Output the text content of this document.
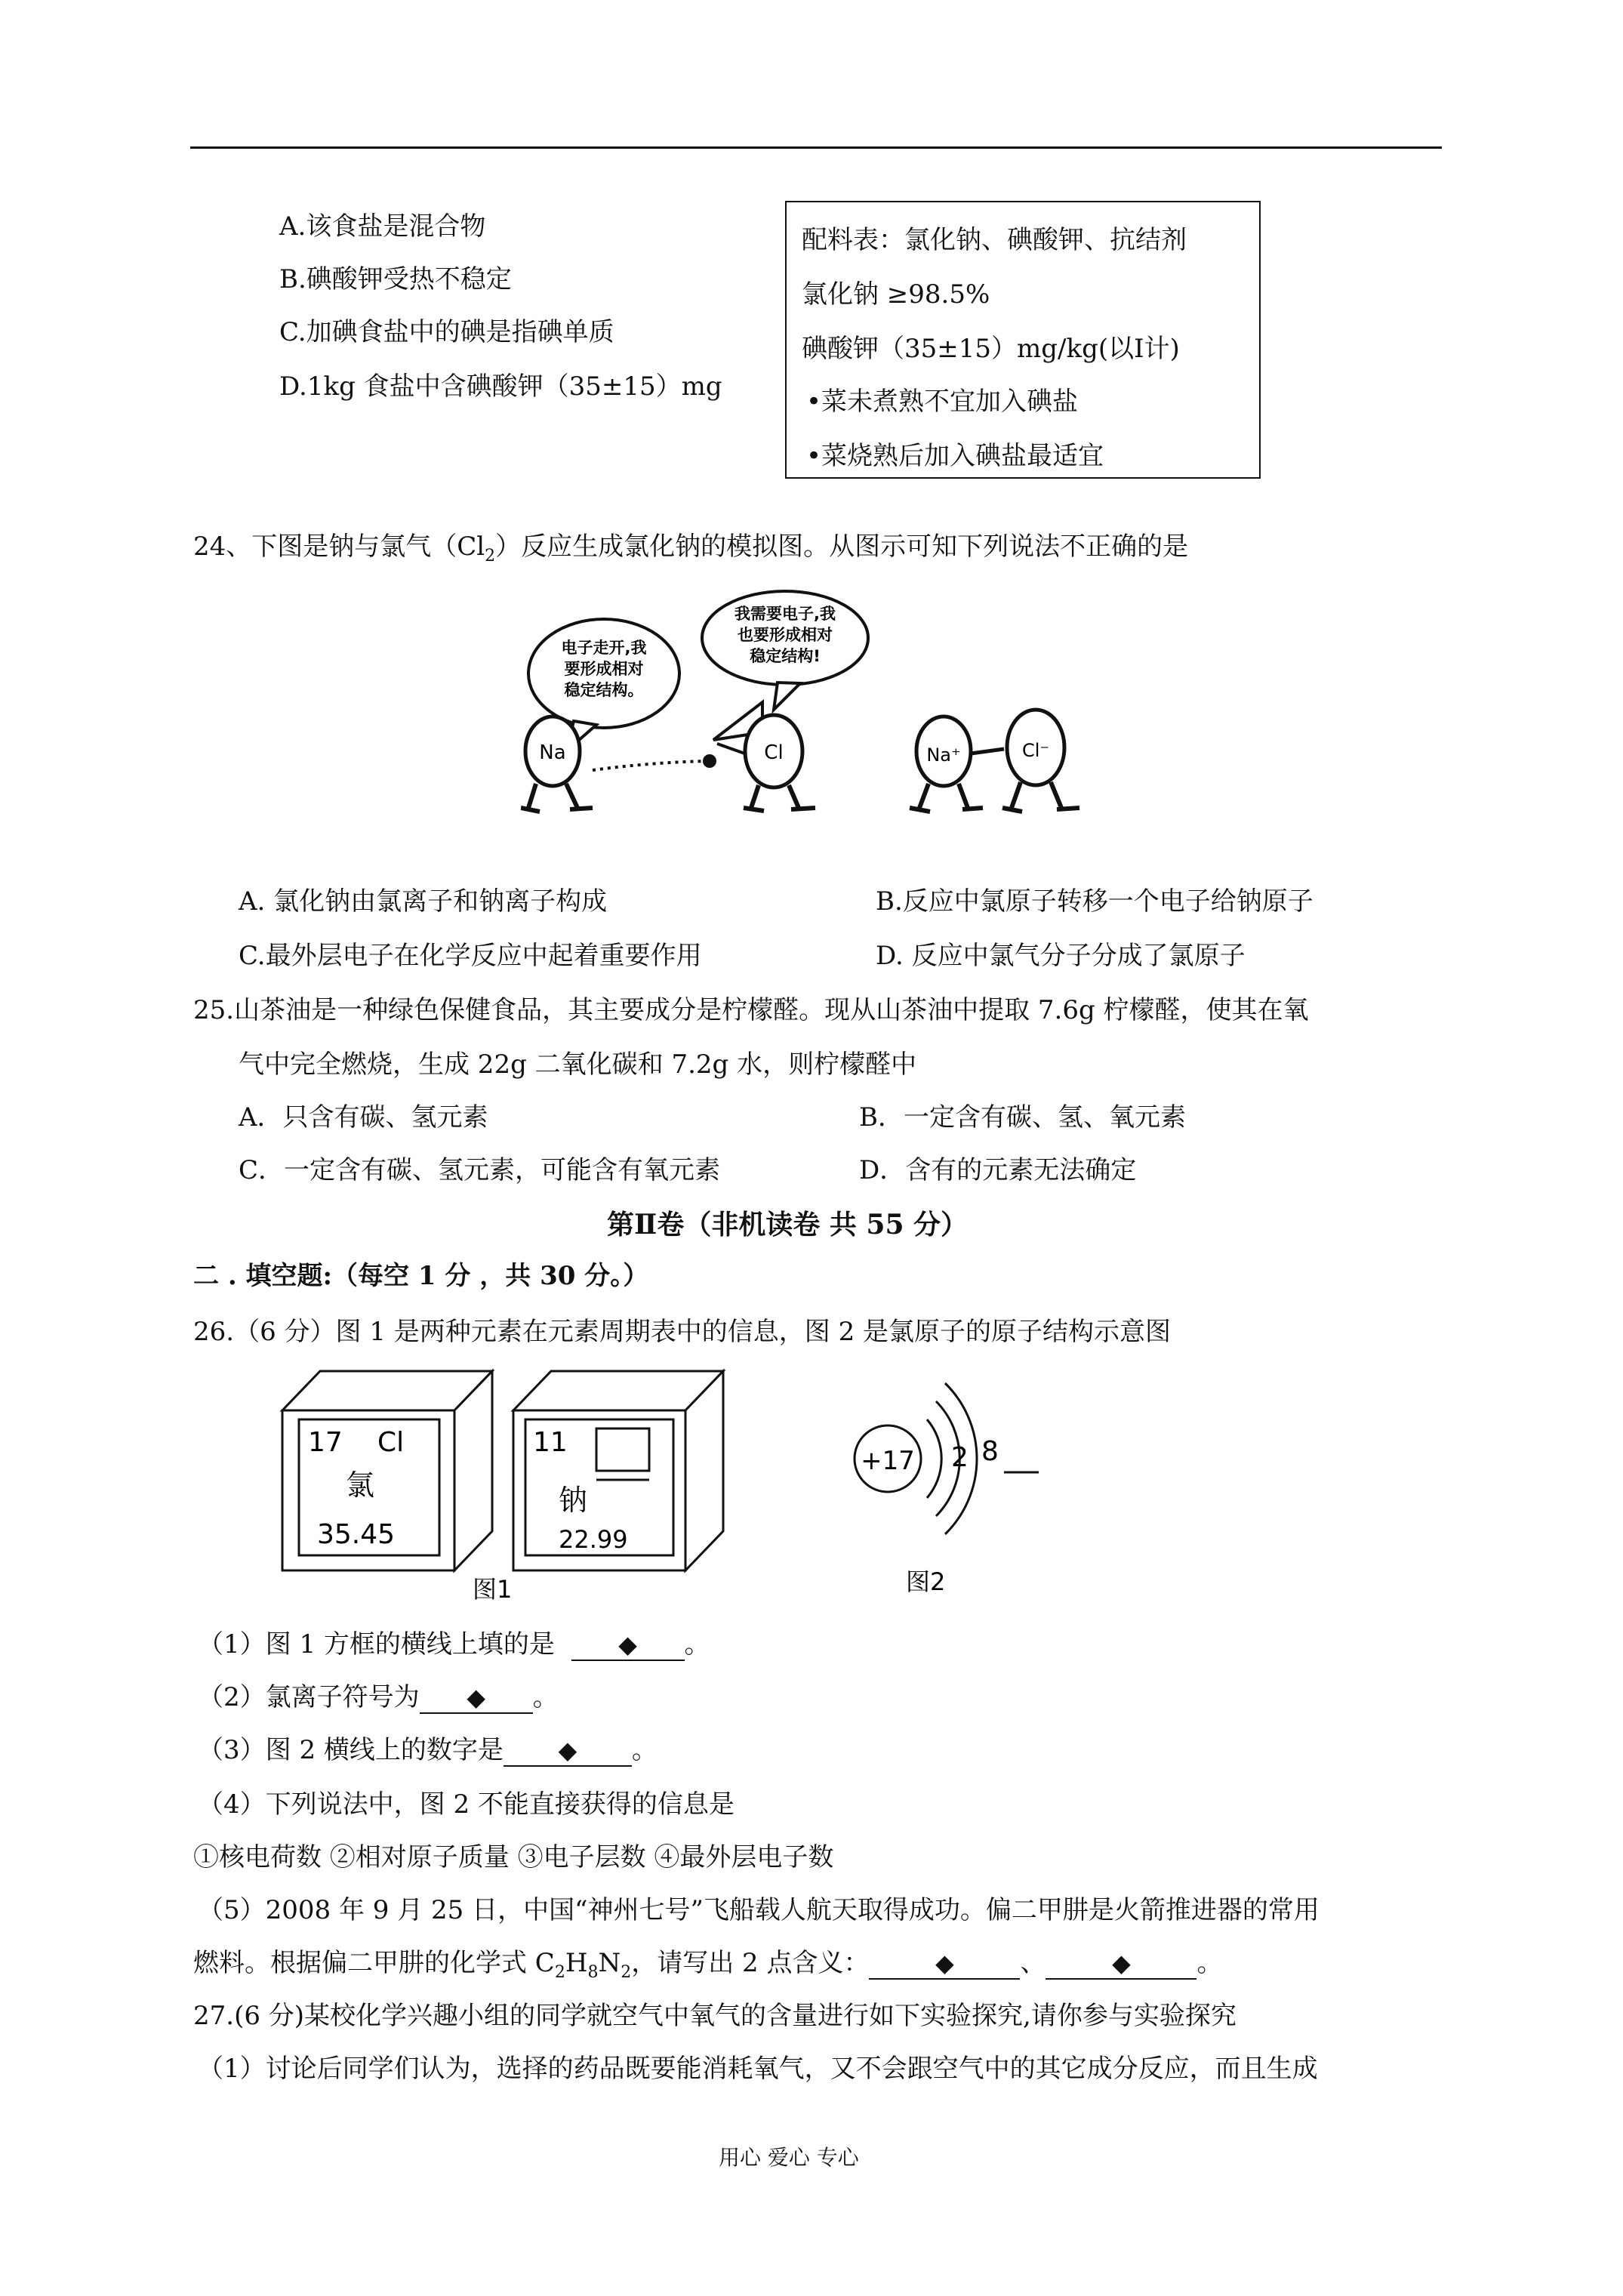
A.该食盐是混合物
B.碘酸钾受热不稳定
C.加碘食盐中的碘是指碘单质
D.1kg 食盐中含碘酸钾（35±15）mg
配料表：氯化钠、碘酸钾、抗结剂
氯化钠 ≥98.5%
碘酸钾（35±15）mg/kg(以Ⅰ计)
•菜未煮熟不宜加入碘盐
•菜烧熟后加入碘盐最适宜
24、下图是钠与氯气$(Cl_2)$反应生成氯化钠的模拟图。从图示可知下列说法不正确的是
电子走开,我
要形成相对
稳定结构。
我需要电子,我
也要形成相对
稳定结构!
Na	Cl	Na⁺	Cl⁻
A. 氯化钠由氯离子和钠离子构成	B.反应中氯原子转移一个电子给钠原子
C.最外层电子在化学反应中起着重要作用	D. 反应中氯气分子分成了氯原子
25.山茶油是一种绿色保健食品，其主要成分是柠檬醛。现从山茶油中提取 7.6g 柠檬醛，使其在氧
气中完全燃烧，生成 22g 二氧化碳和 7.2g 水，则柠檬醛中
A．只含有碳、氢元素	B．一定含有碳、氢、氧元素
C．一定含有碳、氢元素，可能含有氧元素	D．含有的元素无法确定
第Ⅱ卷（非机读卷 共 55 分）
二 . 填空题:（每空 1 分 ，共 30 分。）
26.（6 分）图 1 是两种元素在元素周期表中的信息，图 2 是氯原子的原子结构示意图
17 Cl
氯
35.45
11
钠
22.99
图1
+17 2 8
图2
（1）图 1 方框的横线上填的是	◆ 。
（2）氯离子符号为 ◆ 。
（3）图 2 横线上的数字是 ◆ 。
（4）下列说法中，图 2 不能直接获得的信息是
①核电荷数 ②相对原子质量 ③电子层数 ④最外层电子数
（5）2008 年 9 月 25 日，中国“神州七号”飞船载人航天取得成功。偏二甲肼是火箭推进器的常用
燃料。根据偏二甲肼的化学式 $C_2H_8N_2$，请写出 2 点含义：	◆	、	◆	。
27.(6 分)某校化学兴趣小组的同学就空气中氧气的含量进行如下实验探究,请你参与实验探究
（1）讨论后同学们认为，选择的药品既要能消耗氧气，又不会跟空气中的其它成分反应，而且生成
用心 爱心 专心
